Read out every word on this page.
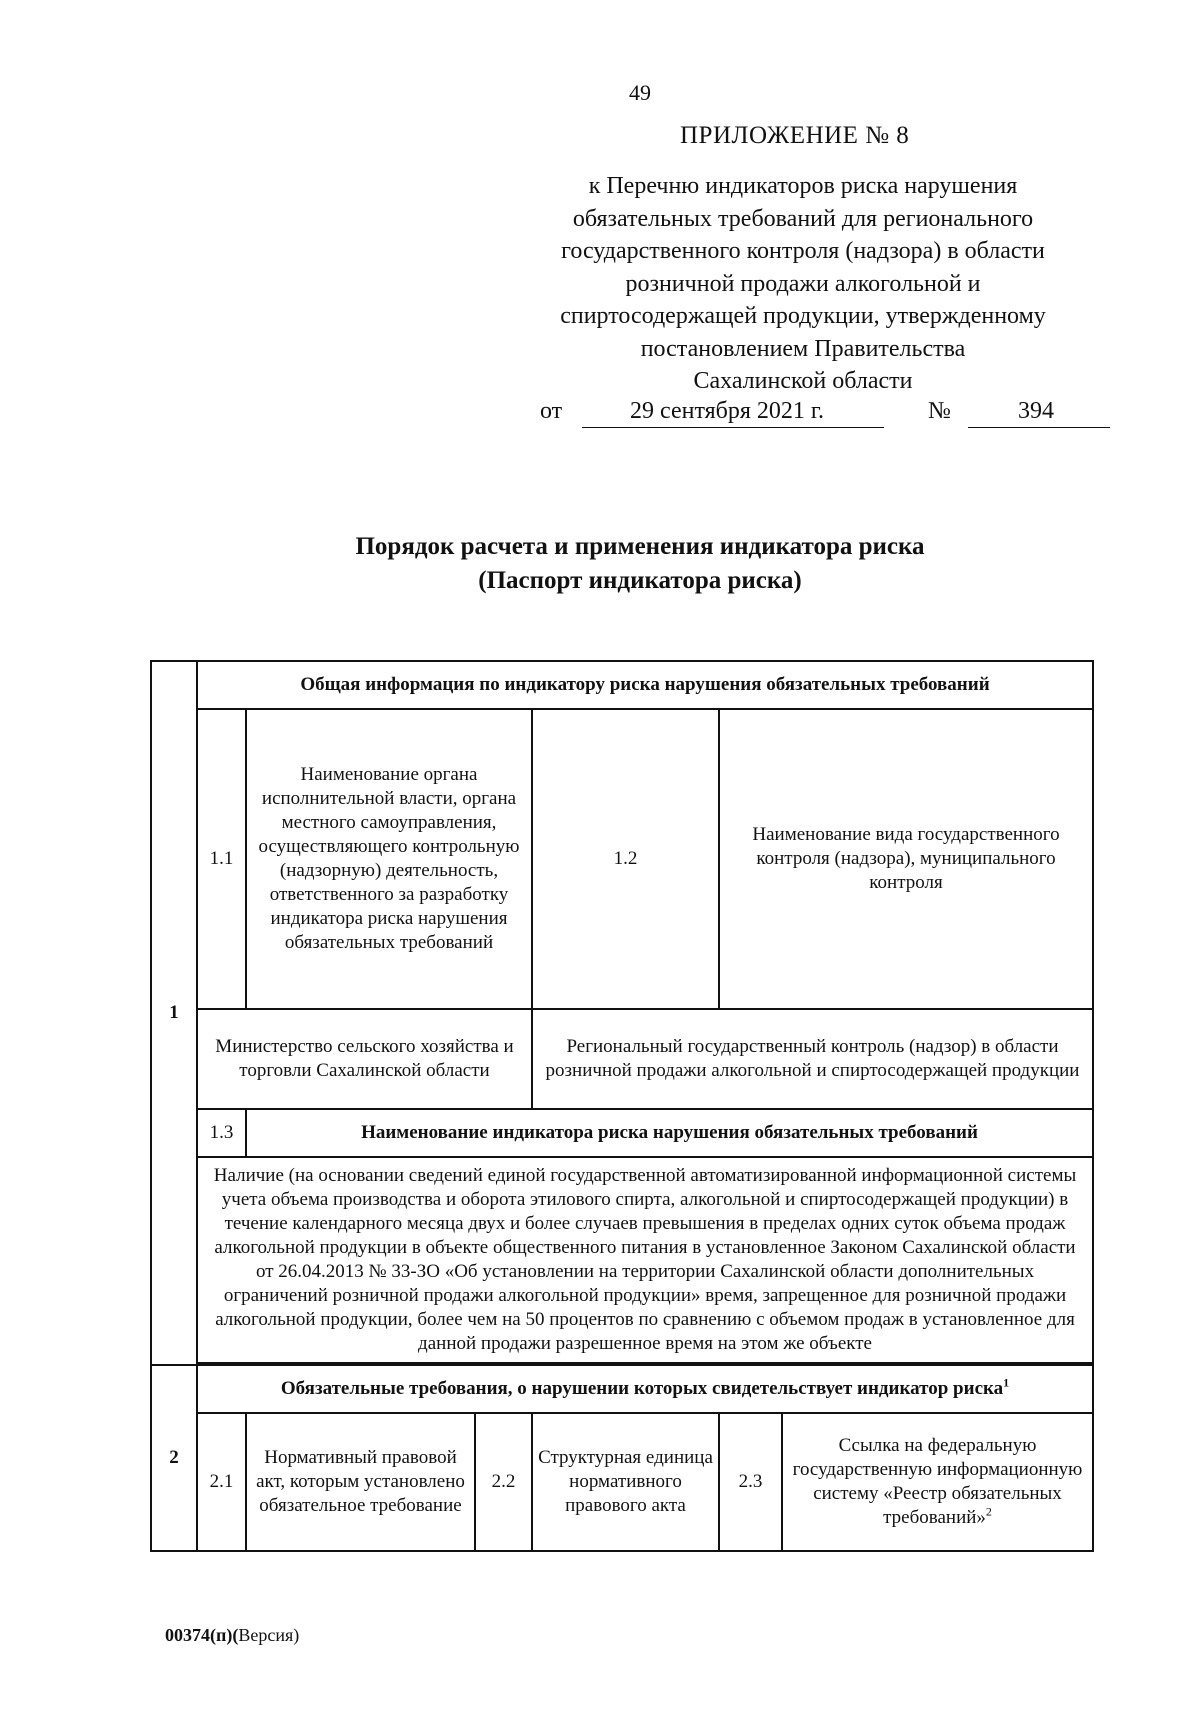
49
ПРИЛОЖЕНИЕ № 8
к Перечню индикаторов риска нарушения
обязательных требований для регионального
государственного контроля (надзора) в области
розничной продажи алкогольной и
спиртосодержащей продукции, утвержденному
постановлением Правительства
Сахалинской области
от	29 сентября 2021 г.	№	394
Порядок расчета и применения индикатора риска
(Паспорт индикатора риска)
1	Общая информация по индикатору риска нарушения обязательных требований					
	1.1	Наименование органа исполнительной власти, органа местного самоуправления, осуществляющего контрольную (надзорную) деятельность, ответственного за разработку индикатора риска нарушения обязательных требований		1.2	Наименование вида государственного контроля (надзора), муниципального контроля	
	Министерство сельского хозяйства и торговли Сахалинской области			Региональный государственный контроль (надзор) в области розничной продажи алкогольной и спиртосодержащей продукции		
	1.3	Наименование индикатора риска нарушения обязательных требований				
	Наличие (на основании сведений единой государственной автоматизированной информационной системы учета объема производства и оборота этилового спирта, алкогольной и спиртосодержащей продукции) в течение календарного месяца двух и более случаев превышения в пределах одних суток объема продаж алкогольной продукции в объекте общественного питания в установленное Законом Сахалинской области от 26.04.2013 № 33-ЗО «Об установлении на территории Сахалинской области дополнительных ограничений розничной продажи алкогольной продукции» время, запрещенное для розничной продажи алкогольной продукции, более чем на 50 процентов по сравнению с объемом продаж в установленное для данной продажи разрешенное время на этом же объекте					

2	Обязательные требования, о нарушении которых свидетельствует индикатор риска$^1$
	2.1	Нормативный правовой акт, которым установлено обязательное требование	2.2	Структурная единица нормативного правового акта	2.3	Ссылка на федеральную государственную информационную систему «Реестр обязательных требований»$^2$
00374(п)(Версия)
